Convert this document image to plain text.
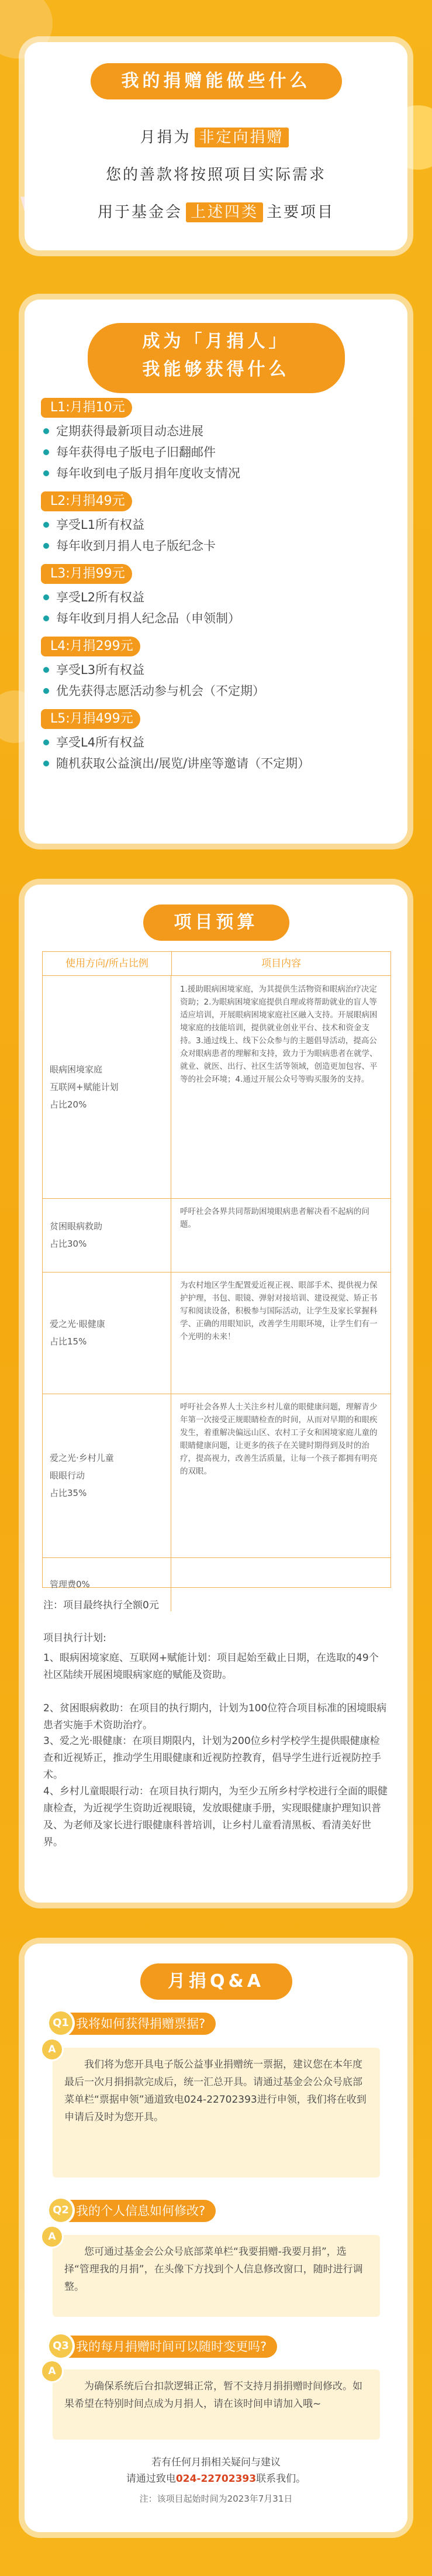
我的捐赠能做些什么
月捐为 非定向捐赠
您的善款将按照项目实际需求
用于基金会 上述四类 主要项目
成为「月捐人」
我能够获得什么
L1:月捐10元
定期获得最新项目动态进展
每年获得电子版电子旧翻邮件
每年收到电子版月捐年度收支情况
L2:月捐49元
享受L1所有权益
每年收到月捐人电子版纪念卡
L3:月捐99元
享受L2所有权益
每年收到月捐人纪念品（申领制）
L4:月捐299元
享受L3所有权益
优先获得志愿活动参与机会（不定期）
L5:月捐499元
享受L4所有权益
随机获取公益演出/展览/讲座等邀请（不定期）
项目预算
使用方向/所占比例	项目内容
眼病困境家庭
互联网+赋能计划
占比20%
1.援助眼病困境家庭，为其提供生活物资和眼病治疗决定资助；2.为眼病困境家庭提供自理或将帮助就业的盲人等适应培训，开展眼病困境家庭社区融入支持。开展眼病困境家庭的技能培训，提供就业创业平台、技术和资金支持。3.通过线上、线下公众参与的主题倡导活动，提高公众对眼病患者的理解和支持，致力于为眼病患者在就学、就业、就医、出行、社区生活等领域，创造更加包容、平等的社会环境；4.通过开展公众号等购买服务的支持。
贫困眼病救助
占比30%
呼吁社会各界共同帮助困境眼病患者解决看不起病的问题。
爱之光·眼健康
占比15%
为农村地区学生配置爱近视正视、眼部手术、提供视力保护护理，书包、眼镜、弹射对接培训、建设视觉、矫正书写和阅读设备，积极参与国际活动，让学生及家长掌握科学、正确的用眼知识，改善学生用眼环境，让学生们有一个光明的未来！
爱之光·乡村儿童
眼眼行动
占比35%
呼吁社会各界人士关注乡村儿童的眼健康问题，理解青少年第一次接受正规眼睛检查的时间，从而对早期的和眼疾发生，着重解决偏远山区、农村工子女和困境家庭儿童的眼睛健康问题，让更多的孩子在关键时期得到及时的治疗，提高视力，改善生活质量，让每一个孩子都拥有明亮的双眼。
管理费0%
注：项目最终执行全额0元
项目执行计划:
1、眼病困境家庭、互联网+赋能计划：项目起始至截止日期，在选取的49个社区陆续开展困境眼病家庭的赋能及资助。
2、贫困眼病救助：在项目的执行期内，计划为100位符合项目标准的困境眼病患者实施手术资助治疗。
3、爱之光·眼健康：在项目期限内，计划为200位乡村学校学生提供眼健康检查和近视矫正，推动学生用眼健康和近视防控教育，倡导学生进行近视防控手术。
4、乡村儿童眼眼行动：在项目执行期内，为至少五所乡村学校进行全面的眼健康检查，为近视学生资助近视眼镜，发放眼健康手册，实现眼健康护理知识普及、为老师及家长进行眼健康科普培训，让乡村儿童看清黑板、看清美好世界。
月捐Q&A
Q1 我将如何获得捐赠票据?
A
我们将为您开具电子版公益事业捐赠统一票据，建议您在本年度最后一次月捐捐款完成后，统一汇总开具。请通过基金会公众号底部菜单栏“票据申领”通道致电024-22702393进行申领，我们将在收到申请后及时为您开具。
Q2 我的个人信息如何修改?
A
您可通过基金会公众号底部菜单栏“我要捐赠-我要月捐”，选择“管理我的月捐”，在头像下方找到个人信息修改窗口，随时进行调整。
Q3 我的每月捐赠时间可以随时变更吗?
A
为确保系统后台扣款逻辑正常，暂不支持月捐捐赠时间修改。如果希望在特别时间点成为月捐人，请在该时间申请加入哦~
若有任何月捐相关疑问与建议
请通过致电024-22702393联系我们。
注：该项目起始时间为2023年7月31日
